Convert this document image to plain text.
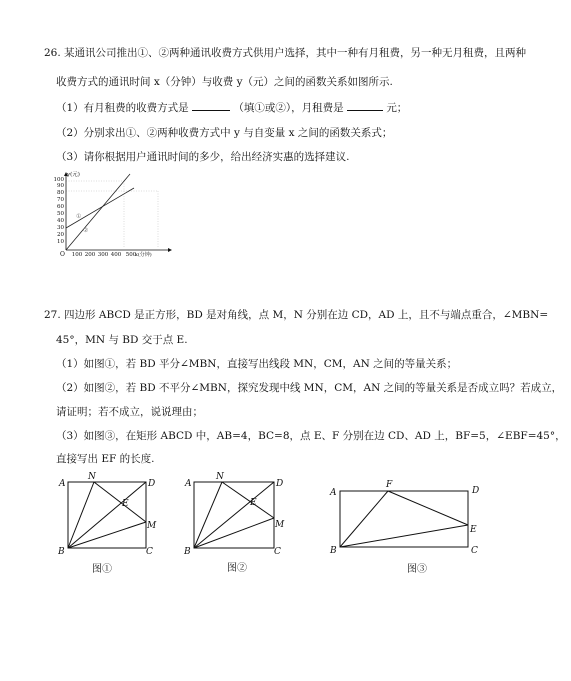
26. 某通讯公司推出①、②两种通讯收费方式供用户选择，其中一种有月租费，另一种无月租费，且两种
收费方式的通讯时间 x（分钟）与收费 y（元）之间的函数关系如图所示.
（1）有月租费的收费方式是	（填①或②），月租费是	元；
（2）分别求出①、②两种收费方式中 y 与自变量 x 之间的函数关系式；
（3）请你根据用户通讯时间的多少，给出经济实惠的选择建议.
100
90
80
70
60
50
40
30
20
10
100 200 300 400 500
y(元)
x(分钟)
O
①
②
27. 四边形 ABCD 是正方形，BD 是对角线，点 M，N 分别在边 CD，AD 上，且不与端点重合，∠MBN=
45°，MN 与 BD 交于点 E.
（1）如图①，若 BD 平分∠MBN，直接写出线段 MN，CM，AN 之间的等量关系；
（2）如图②，若 BD 不平分∠MBN，探究发现中线 MN，CM，AN 之间的等量关系是否成立吗？若成立，
请证明；若不成立，说说理由；
（3）如图③，在矩形 ABCD 中，AB=4，BC=8，点 E、F 分别在边 CD、AD 上，BF=5，∠EBF=45°，
直接写出 EF 的长度.
A
N
D
E
M
B	C
图①
A
N
D
E
M
B	C
图②
A
F
D
E
B	C
图③
